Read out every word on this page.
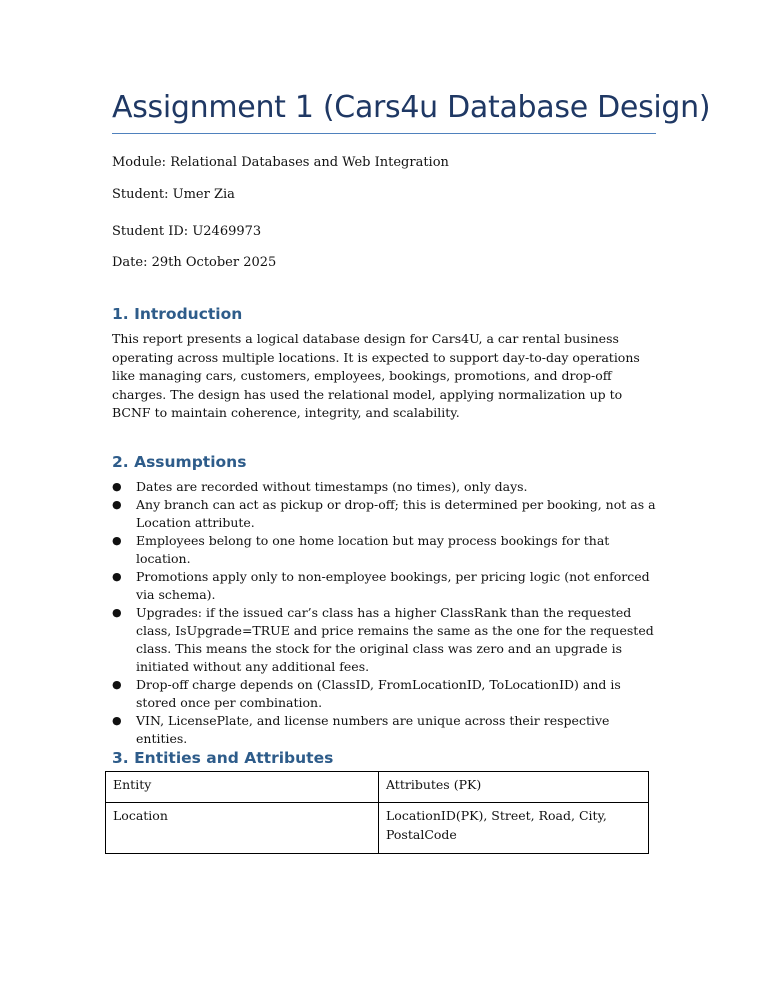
Assignment 1 (Cars4u Database Design)

Module: Relational Databases and Web Integration

Student: Umer Zia

Student ID: U2469973

Date: 29th October 2025

1. Introduction

This report presents a logical database design for Cars4U, a car rental business operating across multiple locations. It is expected to support day-to-day operations like managing cars, customers, employees, bookings, promotions, and drop-off charges. The design has used the relational model, applying normalization up to BCNF to maintain coherence, integrity, and scalability.

2. Assumptions
● Dates are recorded without timestamps (no times), only days.
● Any branch can act as pickup or drop-off; this is determined per booking, not as a Location attribute.
● Employees belong to one home location but may process bookings for that location.
● Promotions apply only to non-employee bookings, per pricing logic (not enforced via schema).
● Upgrades: if the issued car’s class has a higher ClassRank than the requested class, IsUpgrade=TRUE and price remains the same as the one for the requested class. This means the stock for the original class was zero and an upgrade is initiated without any additional fees.
● Drop-off charge depends on (ClassID, FromLocationID, ToLocationID) and is stored once per combination.
● VIN, LicensePlate, and license numbers are unique across their respective entities.
3. Entities and Attributes
Entity	Attributes (PK)
Location	LocationID(PK), Street, Road, City, PostalCode
